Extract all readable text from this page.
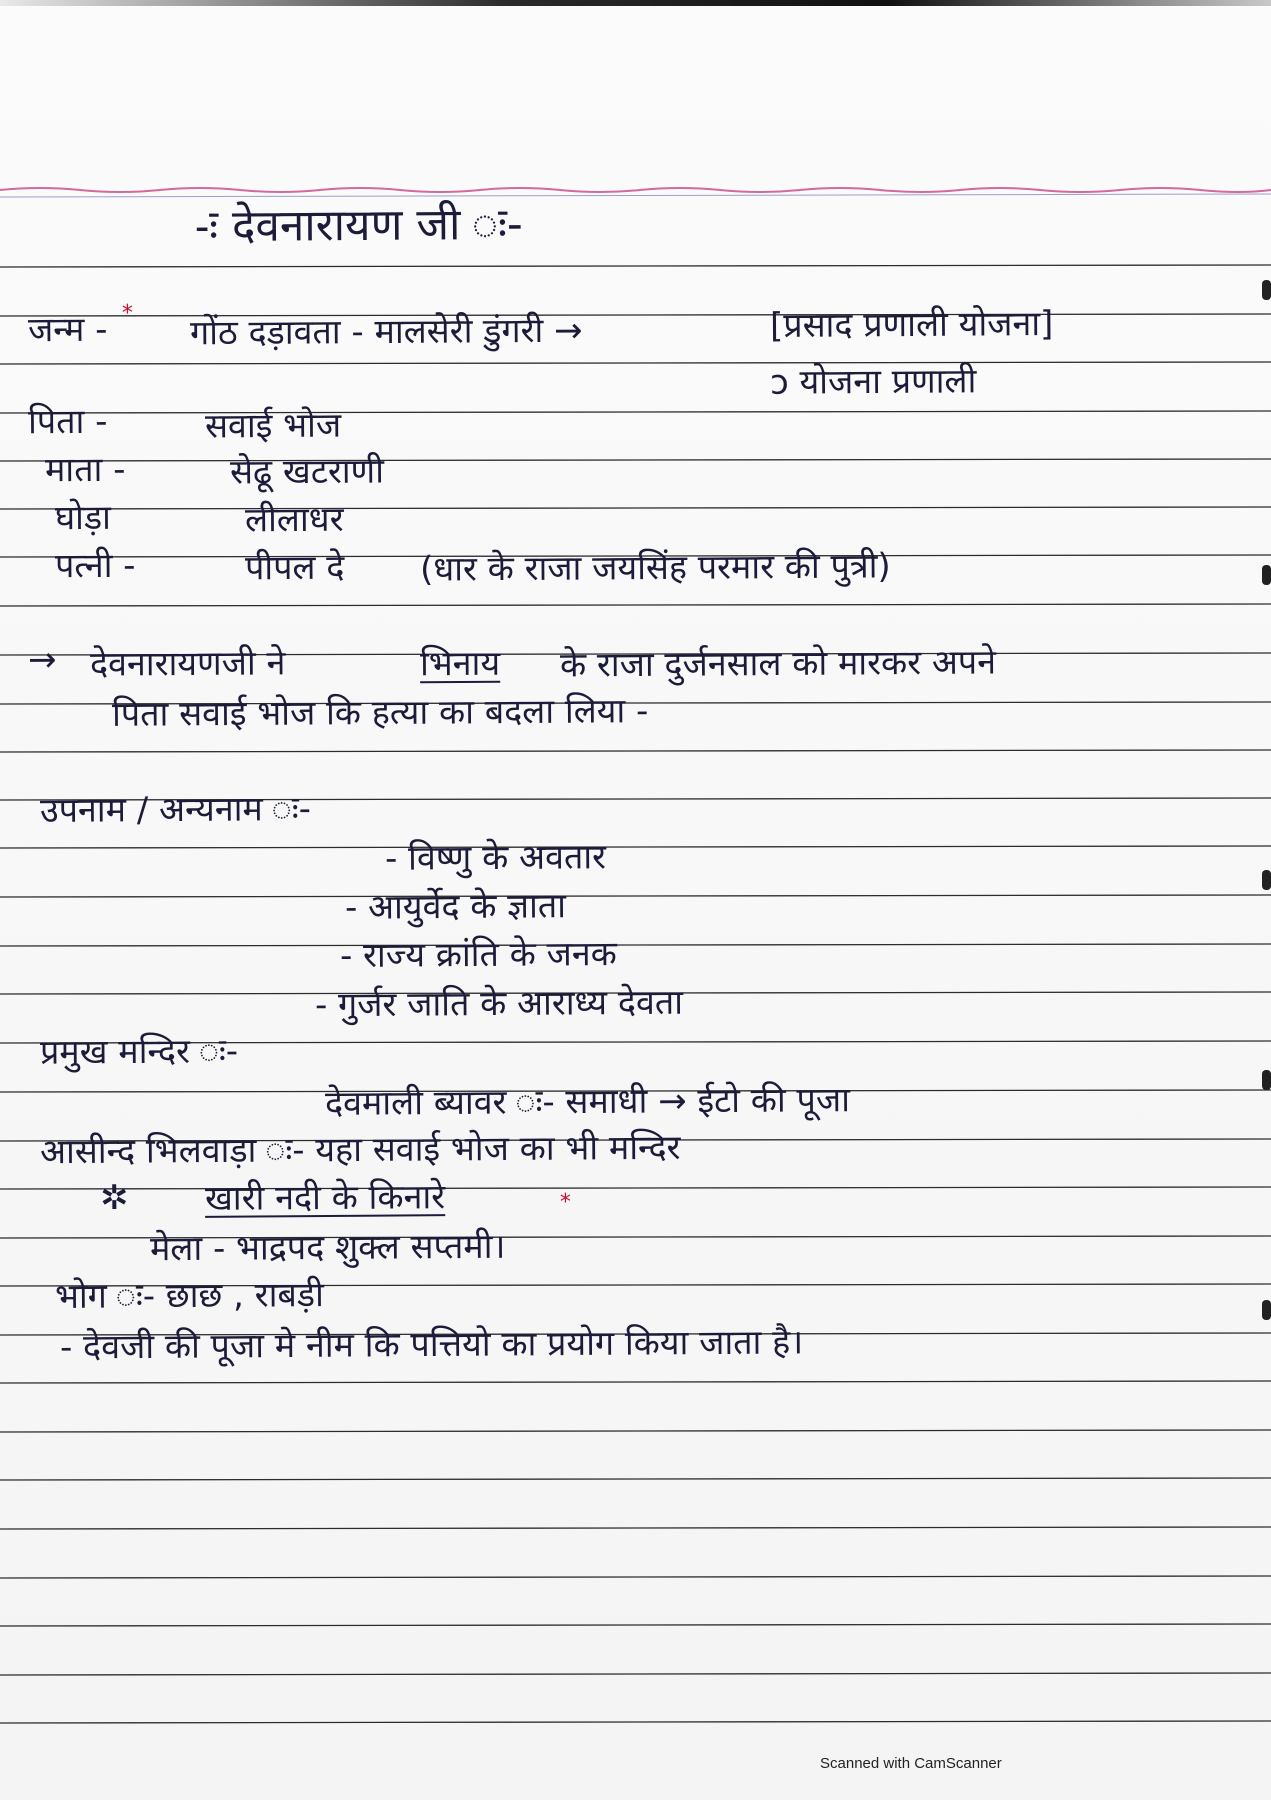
-ः देवनारायण जी ः-
जन्म - * गोंठ दड़ावता - मालसेरी डुंगरी →	[प्रसाद प्रणाली योजना]
ᴐ योजना प्रणाली
पिता -	सवाई भोज
माता -	सेढू खटराणी
घोड़ा	लीलाधर
पत्नी -	पीपल दे (धार के राजा जयसिंह परमार की पुत्री)
→ देवनारायणजी ने	भिनाय के राजा दुर्जनसाल को मारकर अपने
पिता सवाई भोज कि हत्या का बदला लिया -
उपनाम / अन्यनाम ः-
- विष्णु के अवतार
- आयुर्वेद के ज्ञाता
- राज्य क्रांति के जनक
- गुर्जर जाति के आराध्य देवता
प्रमुख मन्दिर ः-
देवमाली ब्यावर ः- समाधी → ईटो की पूजा
आसीन्द भिलवाड़ा ः- यहा सवाई भोज का भी मन्दिर
✲ खारी नदी के किनारे	*
मेला - भाद्रपद शुक्ल सप्तमी।
भोग ः- छाछ , राबड़ी
- देवजी की पूजा मे नीम कि पत्तियो का प्रयोग किया जाता है।
Scanned with CamScanner
